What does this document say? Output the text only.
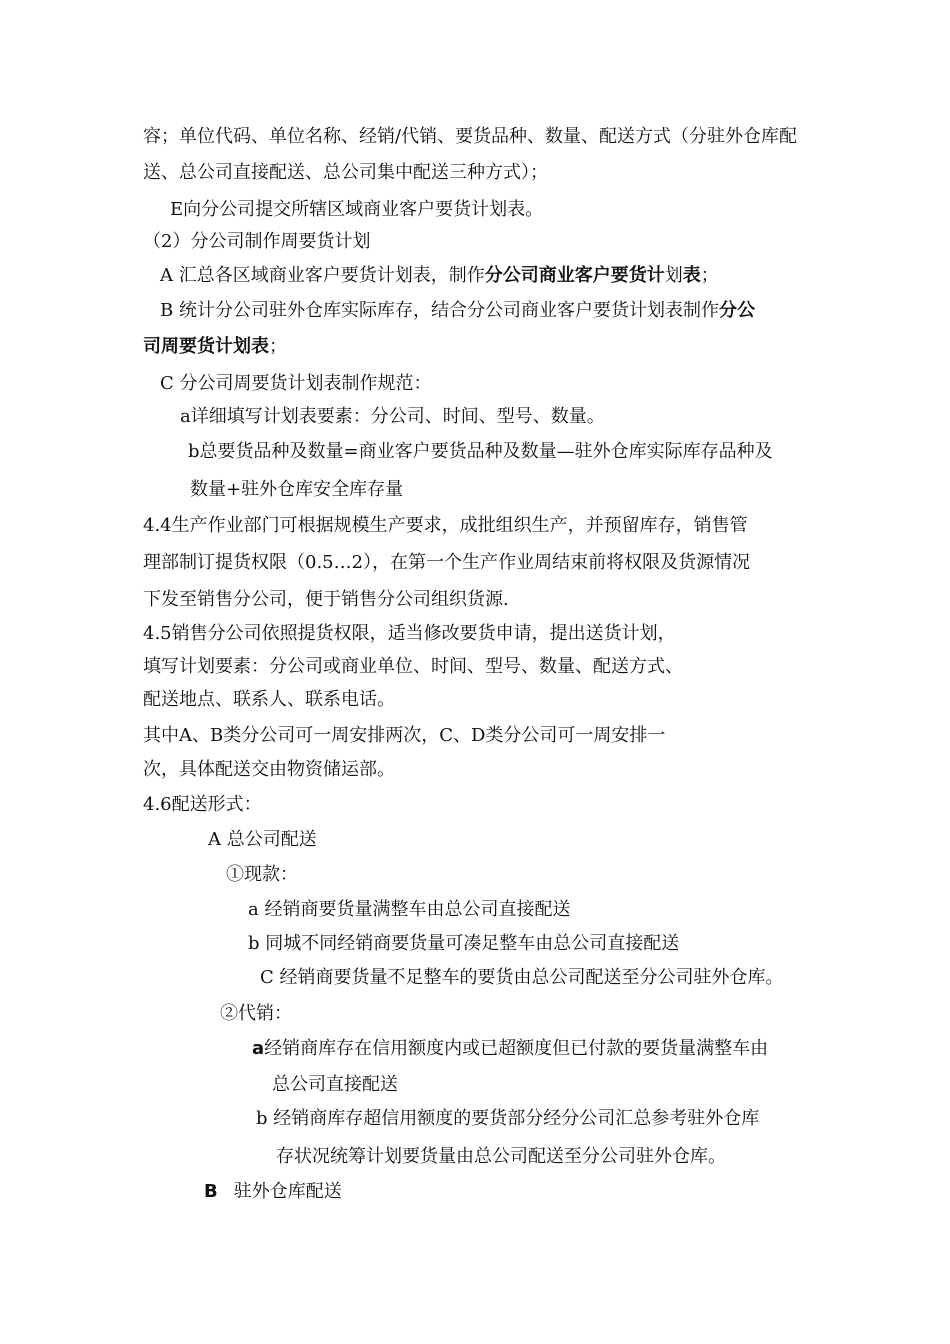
容；单位代码、单位名称、经销/代销、要货品种、数量、配送方式（分驻外仓库配
送、总公司直接配送、总公司集中配送三种方式）；
E向分公司提交所辖区域商业客户要货计划表。
（2）分公司制作周要货计划
A 汇总各区域商业客户要货计划表，制作分公司商业客户要货计划表；
B 统计分公司驻外仓库实际库存，结合分公司商业客户要货计划表制作分公
司周要货计划表；
C 分公司周要货计划表制作规范：
a详细填写计划表要素：分公司、时间、型号、数量。
b总要货品种及数量=商业客户要货品种及数量—驻外仓库实际库存品种及
数量+驻外仓库安全库存量
4.4生产作业部门可根据规模生产要求，成批组织生产，并预留库存，销售管
理部制订提货权限（0.5…2），在第一个生产作业周结束前将权限及货源情况
下发至销售分公司，便于销售分公司组织货源.
4.5销售分公司依照提货权限，适当修改要货申请，提出送货计划，
填写计划要素：分公司或商业单位、时间、型号、数量、配送方式、
配送地点、联系人、联系电话。
其中A、B类分公司可一周安排两次，C、D类分公司可一周安排一
次，具体配送交由物资储运部。
4.6配送形式：
A 总公司配送
①现款：
a 经销商要货量满整车由总公司直接配送
b 同城不同经销商要货量可凑足整车由总公司直接配送
C 经销商要货量不足整车的要货由总公司配送至分公司驻外仓库。
②代销：
a经销商库存在信用额度内或已超额度但已付款的要货量满整车由
总公司直接配送
b 经销商库存超信用额度的要货部分经分公司汇总参考驻外仓库
存状况统筹计划要货量由总公司配送至分公司驻外仓库。
B 驻外仓库配送
